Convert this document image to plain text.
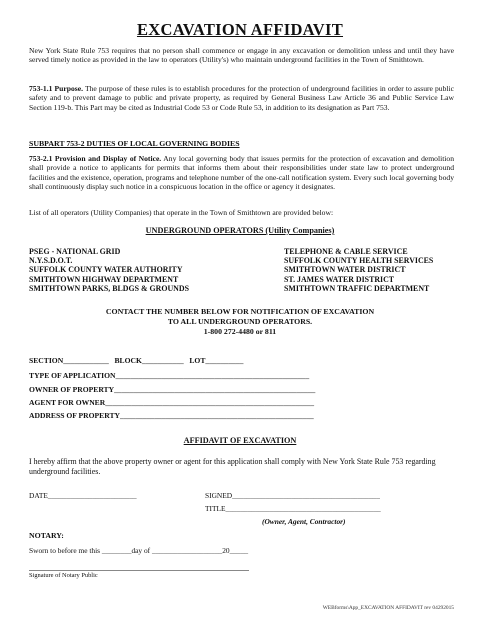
EXCAVATION AFFIDAVIT
New York State Rule 753 requires that no person shall commence or engage in any excavation or demolition unless and until they have served timely notice as provided in the law to operators (Utility's) who maintain underground facilities in the Town of Smithtown.
753-1.1 Purpose. The purpose of these rules is to establish procedures for the protection of underground facilities in order to assure public safety and to prevent damage to public and private property, as required by General Business Law Article 36 and Public Service Law Section 119-b. This Part may be cited as Industrial Code 53 or Code Rule 53, in addition to its designation as Part 753.
SUBPART 753-2 DUTIES OF LOCAL GOVERNING BODIES
753-2.1 Provision and Display of Notice. Any local governing body that issues permits for the protection of excavation and demolition shall provide a notice to applicants for permits that informs them about their responsibilities under state law to protect underground facilities and the existence, operation, programs and telephone number of the one-call notification system. Every such local governing body shall continuously display such notice in a conspicuous location in the office or agency it designates.
List of all operators (Utility Companies) that operate in the Town of Smithtown are provided below:
UNDERGROUND OPERATORS (Utility Companies)
PSEG - NATIONAL GRID
N.Y.S.D.O.T.
SUFFOLK COUNTY WATER AUTHORITY
SMITHTOWN HIGHWAY DEPARTMENT
SMITHTOWN PARKS, BLDGS & GROUNDS
TELEPHONE & CABLE SERVICE
SUFFOLK COUNTY HEALTH SERVICES
SMITHTOWN WATER DISTRICT
ST. JAMES WATER DISTRICT
SMITHTOWN TRAFFIC DEPARTMENT
CONTACT THE NUMBER BELOW FOR NOTIFICATION OF EXCAVATION
TO ALL UNDERGROUND OPERATORS.
1-800 272-4480 or 811
SECTION____________ BLOCK___________ LOT__________
TYPE OF APPLICATION___________________________________________________
OWNER OF PROPERTY_____________________________________________________
AGENT FOR OWNER_______________________________________________________
ADDRESS OF PROPERTY___________________________________________________
AFFIDAVIT OF EXCAVATION
I hereby affirm that the above property owner or agent for this application shall comply with New York State Rule 753 regarding underground facilities.
DATE________________________	SIGNED________________________________________
TITLE__________________________________________
(Owner, Agent, Contractor)
NOTARY:
Sworn to before me this ________day of ___________________20_____
Signature of Notary Public
WEBforms\App_EXCAVATION AFFIDAVIT rev 04292015
